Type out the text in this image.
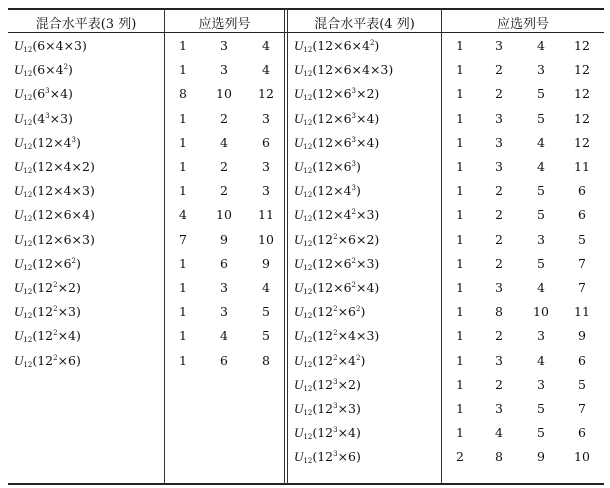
混合水平表(3 列)	应选列号	混合水平表(4 列)	应选列号
$U_{12}(6\times 4\times 3)$	1	3	4
$U_{12}(6\times 4^2)$	1	3	4
$U_{12}(6^3\times 4)$	8	10	12
$U_{12}(4^3\times 3)$	1	2	3
$U_{12}(12\times 4^3)$	1	4	6
$U_{12}(12\times 4\times 2)$	1	2	3
$U_{12}(12\times 4\times 3)$	1	2	3
$U_{12}(12\times 6\times 4)$	4	10	11
$U_{12}(12\times 6\times 3)$	7	9	10
$U_{12}(12\times 6^2)$	1	6	9
$U_{12}(12^2\times 2)$	1	3	4
$U_{12}(12^2\times 3)$	1	3	5
$U_{12}(12^2\times 4)$	1	4	5
$U_{12}(12^2\times 6)$	1	6	8
$U_{12}(12\times 6\times 4^2)$	1	3	4	12
$U_{12}(12\times 6\times 4\times 3)$	1	2	3	12
$U_{12}(12\times 6^3\times 2)$	1	2	5	12
$U_{12}(12\times 6^3\times 4)$	1	3	5	12
$U_{12}(12\times 6^3\times 4)$	1	3	4	12
$U_{12}(12\times 6^3)$	1	3	4	11
$U_{12}(12\times 4^3)$	1	2	5	6
$U_{12}(12\times 4^2\times 3)$	1	2	5	6
$U_{12}(12^2\times 6\times 2)$	1	2	3	5
$U_{12}(12\times 6^2\times 3)$	1	2	5	7
$U_{12}(12\times 6^2\times 4)$	1	3	4	7
$U_{12}(12^2\times 6^2)$	1	8	10	11
$U_{12}(12^2\times 4\times 3)$	1	2	3	9
$U_{12}(12^2\times 4^2)$	1	3	4	6
$U_{12}(12^3\times 2)$	1	2	3	5
$U_{12}(12^3\times 3)$	1	3	5	7
$U_{12}(12^3\times 4)$	1	4	5	6
$U_{12}(12^3\times 6)$	2	8	9	10
